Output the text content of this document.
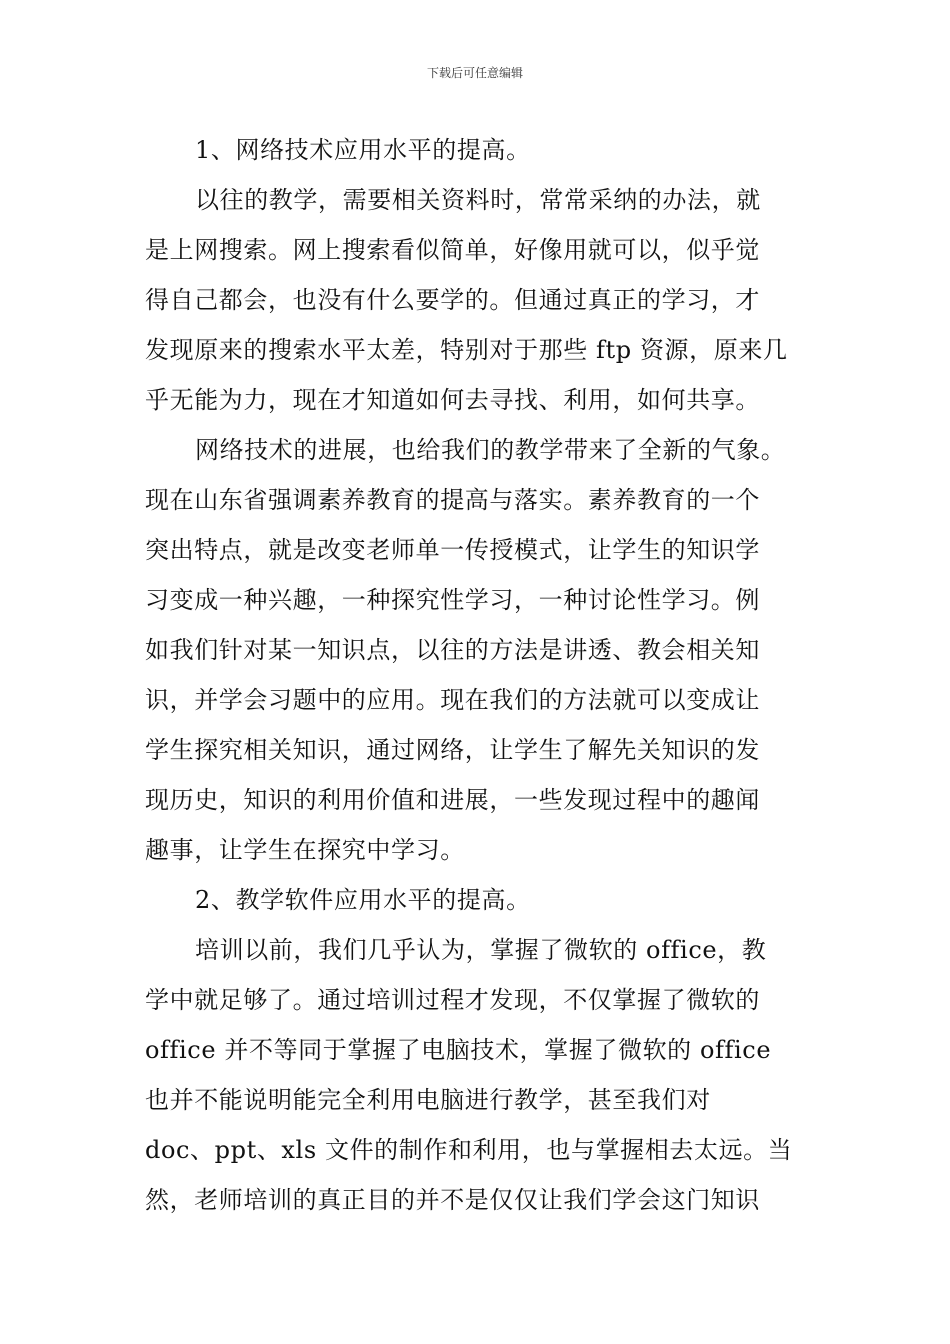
下载后可任意编辑

1、网络技术应用水平的提高。

以往的教学，需要相关资料时，常常采纳的办法，就
是上网搜索。网上搜索看似简单，好像用就可以，似乎觉
得自己都会，也没有什么要学的。但通过真正的学习，才
发现原来的搜索水平太差，特别对于那些 ftp 资源，原来几
乎无能为力，现在才知道如何去寻找、利用，如何共享。

网络技术的进展，也给我们的教学带来了全新的气象。
现在山东省强调素养教育的提高与落实。素养教育的一个
突出特点，就是改变老师单一传授模式，让学生的知识学
习变成一种兴趣，一种探究性学习，一种讨论性学习。例
如我们针对某一知识点，以往的方法是讲透、教会相关知
识，并学会习题中的应用。现在我们的方法就可以变成让
学生探究相关知识，通过网络，让学生了解先关知识的发
现历史，知识的利用价值和进展，一些发现过程中的趣闻
趣事，让学生在探究中学习。

2、教学软件应用水平的提高。

培训以前，我们几乎认为，掌握了微软的 office，教
学中就足够了。通过培训过程才发现，不仅掌握了微软的
office 并不等同于掌握了电脑技术，掌握了微软的 office
也并不能说明能完全利用电脑进行教学，甚至我们对
doc、ppt、xls 文件的制作和利用，也与掌握相去太远。当
然，老师培训的真正目的并不是仅仅让我们学会这门知识
